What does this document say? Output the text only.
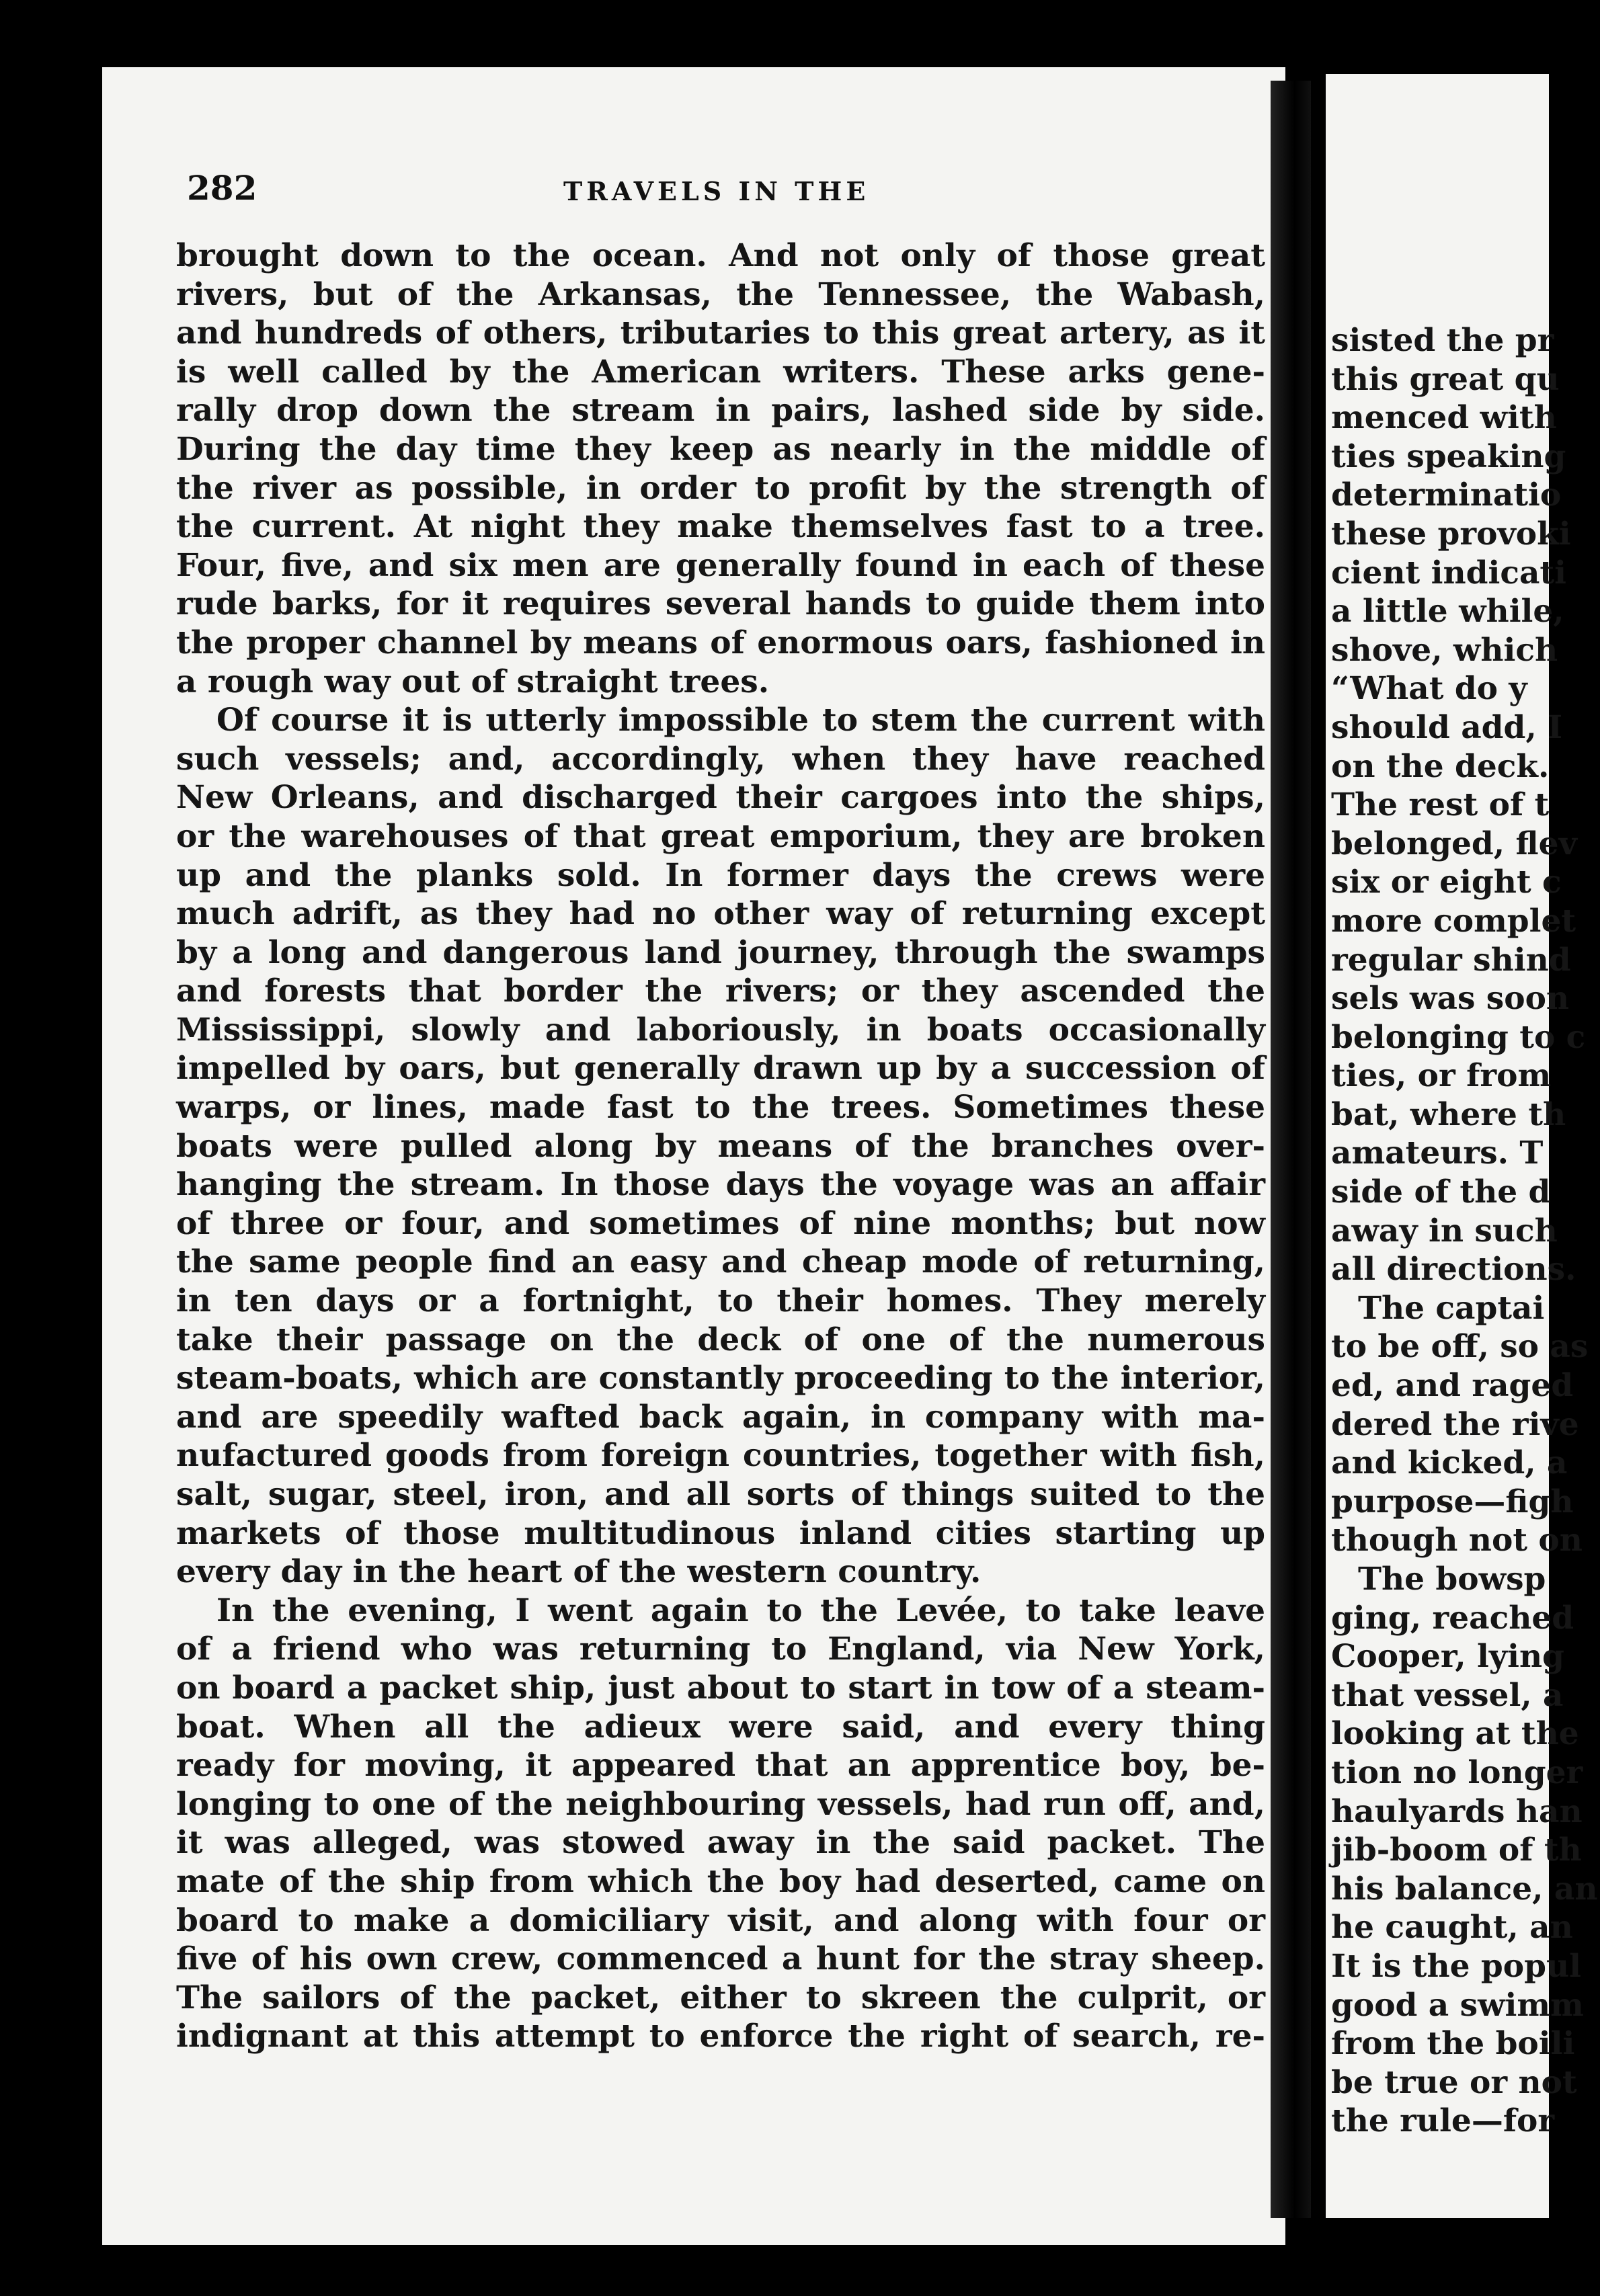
sisted the pr
this great qu
menced with
ties speaking
determinatio
these provoki
cient indicati
a little while,
shove, which
“What do y
should add, I
on the deck.
The rest of t
belonged, flev
six or eight c
more complet
regular shind
sels was soon
belonging to c
ties, or from
bat, where th
amateurs. T
side of the d
away in such
all directions.
The captai
to be off, so as
ed, and raged
dered the rive
and kicked, a
purpose—figh
though not on
The bowsp
ging, reached
Cooper, lying
that vessel, a
looking at the
tion no longer
haulyards han
jib-boom of th
his balance, an
he caught, an
It is the popul
good a swimm
from the boili
be true or not
the rule—for
282	TRAVELS IN THE
brought down to the ocean. And not only of those great
rivers, but of the Arkansas, the Tennessee, the Wabash,
and hundreds of others, tributaries to this great artery, as it
is well called by the American writers. These arks gene-
rally drop down the stream in pairs, lashed side by side.
During the day time they keep as nearly in the middle of
the river as possible, in order to profit by the strength of
the current. At night they make themselves fast to a tree.
Four, five, and six men are generally found in each of these
rude barks, for it requires several hands to guide them into
the proper channel by means of enormous oars, fashioned in
a rough way out of straight trees.
Of course it is utterly impossible to stem the current with
such vessels; and, accordingly, when they have reached
New Orleans, and discharged their cargoes into the ships,
or the warehouses of that great emporium, they are broken
up and the planks sold. In former days the crews were
much adrift, as they had no other way of returning except
by a long and dangerous land journey, through the swamps
and forests that border the rivers; or they ascended the
Mississippi, slowly and laboriously, in boats occasionally
impelled by oars, but generally drawn up by a succession of
warps, or lines, made fast to the trees. Sometimes these
boats were pulled along by means of the branches over-
hanging the stream. In those days the voyage was an affair
of three or four, and sometimes of nine months; but now
the same people find an easy and cheap mode of returning,
in ten days or a fortnight, to their homes. They merely
take their passage on the deck of one of the numerous
steam-boats, which are constantly proceeding to the interior,
and are speedily wafted back again, in company with ma-
nufactured goods from foreign countries, together with fish,
salt, sugar, steel, iron, and all sorts of things suited to the
markets of those multitudinous inland cities starting up
every day in the heart of the western country.
In the evening, I went again to the Levée, to take leave
of a friend who was returning to England, via New York,
on board a packet ship, just about to start in tow of a steam-
boat. When all the adieux were said, and every thing
ready for moving, it appeared that an apprentice boy, be-
longing to one of the neighbouring vessels, had run off, and,
it was alleged, was stowed away in the said packet. The
mate of the ship from which the boy had deserted, came on
board to make a domiciliary visit, and along with four or
five of his own crew, commenced a hunt for the stray sheep.
The sailors of the packet, either to skreen the culprit, or
indignant at this attempt to enforce the right of search, re-
